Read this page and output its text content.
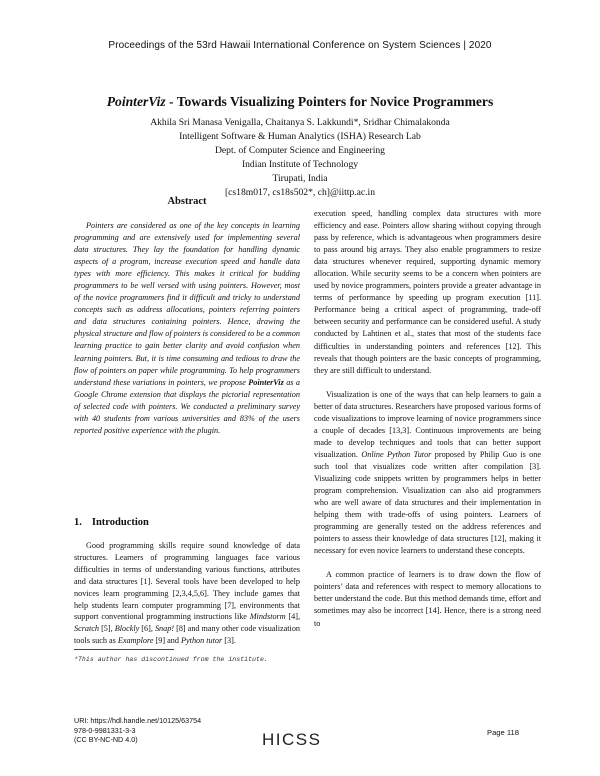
Proceedings of the 53rd Hawaii International Conference on System Sciences | 2020
PointerViz - Towards Visualizing Pointers for Novice Programmers
Akhila Sri Manasa Venigalla, Chaitanya S. Lakkundi*, Sridhar Chimalakonda
Intelligent Software & Human Analytics (ISHA) Research Lab
Dept. of Computer Science and Engineering
Indian Institute of Technology
Tirupati, India
[cs18m017, cs18s502*, ch]@iittp.ac.in
Abstract
Pointers are considered as one of the key concepts in learning programming and are extensively used for implementing several data structures. They lay the foundation for handling dynamic aspects of a program, increase execution speed and handle data types with more efficiency. This makes it critical for budding programmers to be well versed with using pointers. However, most of the novice programmers find it difficult and tricky to understand concepts such as address allocations, pointers referring pointers and data structures containing pointers. Hence, drawing the physical structure and flow of pointers is considered to be a common learning practice to gain better clarity and avoid confusion when learning pointers. But, it is time consuming and tedious to draw the flow of pointers on paper while programming. To help programmers understand these variations in pointers, we propose PointerViz as a Google Chrome extension that displays the pictorial representation of selected code with pointers. We conducted a preliminary survey with 40 students from various universities and 83% of the users reported positive experience with the plugin.
1. Introduction
Good programming skills require sound knowledge of data structures. Learners of programming languages face various difficulties in terms of understanding various functions, attributes and data structures [1]. Several tools have been developed to help novices learn programming [2,3,4,5,6]. They include games that help students learn computer programming [7], environments that support conventional programming instructions like Mindstorm [4], Scratch [5], Blockly [6], Snap! [8] and many other code visualization tools such as Examplore [9] and Python tutor [3].
*This author has discontinued from the institute.

execution speed, handling complex data structures with more efficiency and ease. Pointers allow sharing without copying through pass by reference, which is advantageous when programmers desire to pass around big arrays. They also enable programmers to resize data structures whenever required, supporting dynamic memory allocation. While security seems to be a concern when pointers are used by novice programmers, pointers provide a greater advantage in terms of performance by speeding up program execution [11]. Performance being a critical aspect of programming, trade-off between security and performance can be considered useful. A study conducted by Lahtinen et al., states that most of the students face difficulties in understanding pointers and references [12]. This reveals that though pointers are the basic concepts of programming, they are still difficult to understand.

Visualization is one of the ways that can help learners to gain a better of data structures. Researchers have proposed various forms of code visualizations to improve learning of novice programmers since a couple of decades [13,3]. Continuous improvements are being made to develop techniques and tools that can better support visualization. Online Python Tutor proposed by Philip Guo is one such tool that visualizes code written after compilation [3]. Visualizing code snippets written by programmers helps in better program comprehension. Visualization can also aid programmers who are well aware of data structures and their implementation in helping them with trade-offs of using pointers. Learners of programming are generally tested on the address references and pointers to assess their knowledge of data structures [12], making it necessary for even novice learners to understand these concepts.

A common practice of learners is to draw down the flow of pointers’ data and references with respect to memory allocations to better understand the code. But this method demands time, effort and sometimes may also be incorrect [14]. Hence, there is a strong need to

URI: https://hdl.handle.net/10125/63754
978-0-9981331-3-3
(CC BY-NC-ND 4.0)	HICSS	Page 118
